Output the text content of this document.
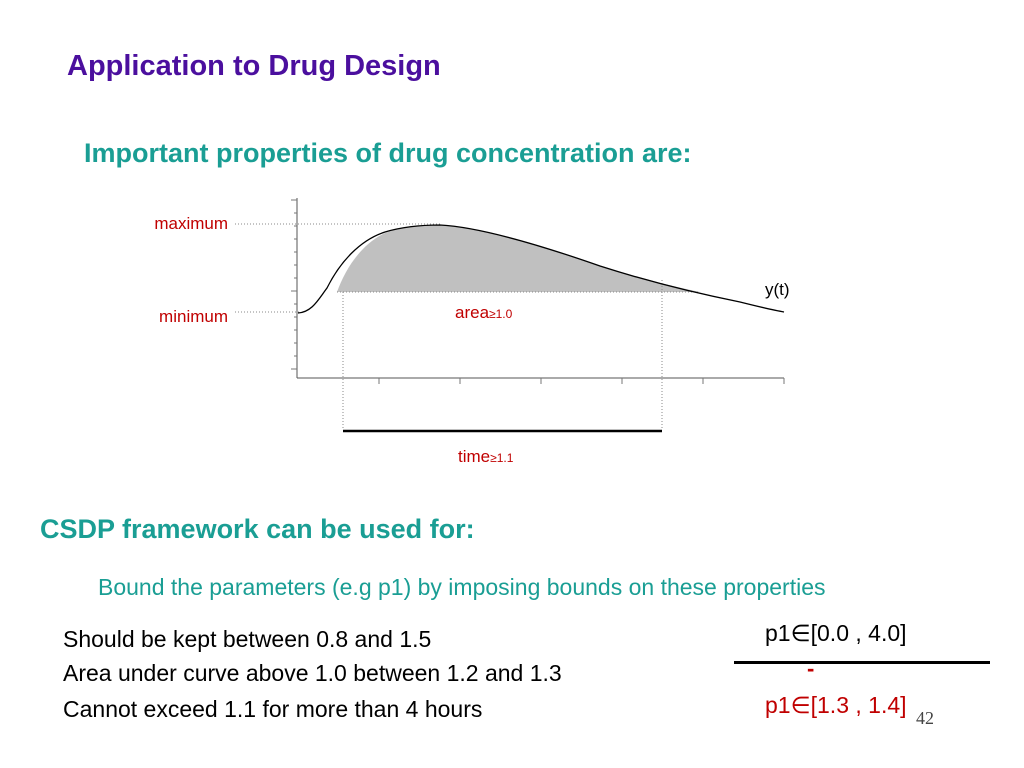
Application to Drug Design
Important properties of drug concentration are:
maximum
minimum
y(t)
area≥1.0
time≥1.1
CSDP framework can be used for:
Bound the parameters (e.g p1) by imposing bounds on these properties
Should be kept between 0.8 and 1.5
Area under curve above 1.0 between 1.2 and 1.3
Cannot exceed 1.1 for more than 4 hours
p1∈[0.0 , 4.0]
-
p1∈[1.3 , 1.4] 42
